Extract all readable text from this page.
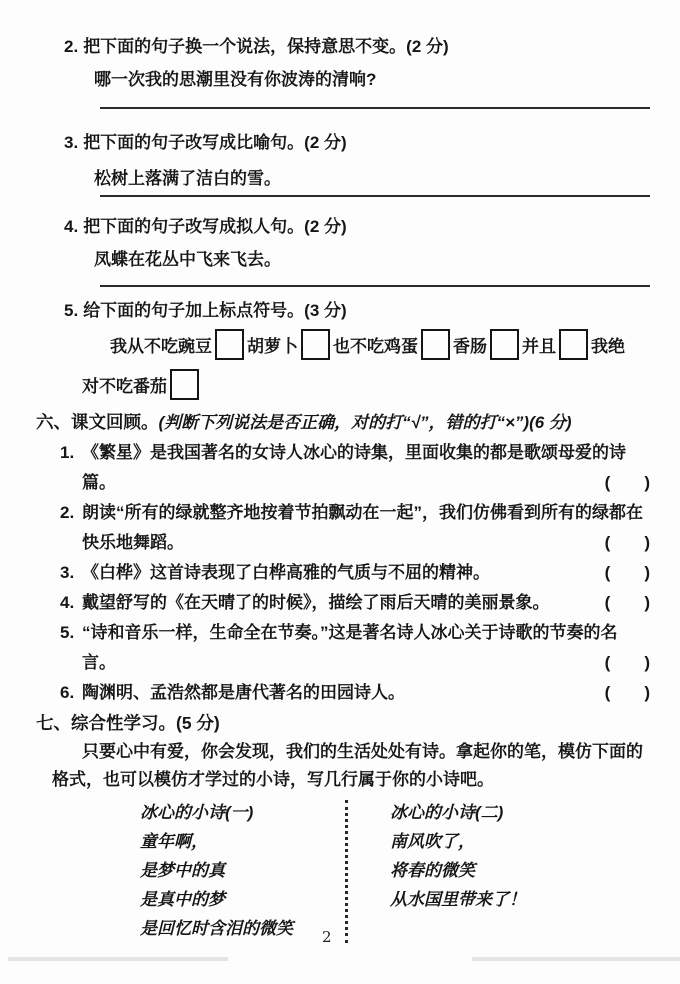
2. 把下面的句子换一个说法，保持意思不变。(2 分)
哪一次我的思潮里没有你波涛的清响?
3. 把下面的句子改写成比喻句。(2 分)
松树上落满了洁白的雪。
4. 把下面的句子改写成拟人句。(2 分)
凤蝶在花丛中飞来飞去。
5. 给下面的句子加上标点符号。(3 分)
我从不吃豌豆 胡萝卜 也不吃鸡蛋 香肠 并且 我绝对不吃番茄
六、课文回顾。(判断下列说法是否正确，对的打“√”，错的打“×”)(6 分)
1. 《繁星》是我国著名的女诗人冰心的诗集，里面收集的都是歌颂母爱的诗篇。	(　　)
2. 朗读“所有的绿就整齐地按着节拍飘动在一起”，我们仿佛看到所有的绿都在快乐地舞蹈。	(　　)
3. 《白桦》这首诗表现了白桦高雅的气质与不屈的精神。	(　　)
4. 戴望舒写的《在天晴了的时候》，描绘了雨后天晴的美丽景象。	(　　)
5. “诗和音乐一样，生命全在节奏。”这是著名诗人冰心关于诗歌的节奏的名言。	(　　)
6. 陶渊明、孟浩然都是唐代著名的田园诗人。	(　　)
七、综合性学习。(5 分)
只要心中有爱，你会发现，我们的生活处处有诗。拿起你的笔，模仿下面的格式，也可以模仿才学过的小诗，写几行属于你的小诗吧。
冰心的小诗(一)
童年啊，
是梦中的真
是真中的梦
是回忆时含泪的微笑
冰心的小诗(二)
南风吹了，
将春的微笑
从水国里带来了！
2
